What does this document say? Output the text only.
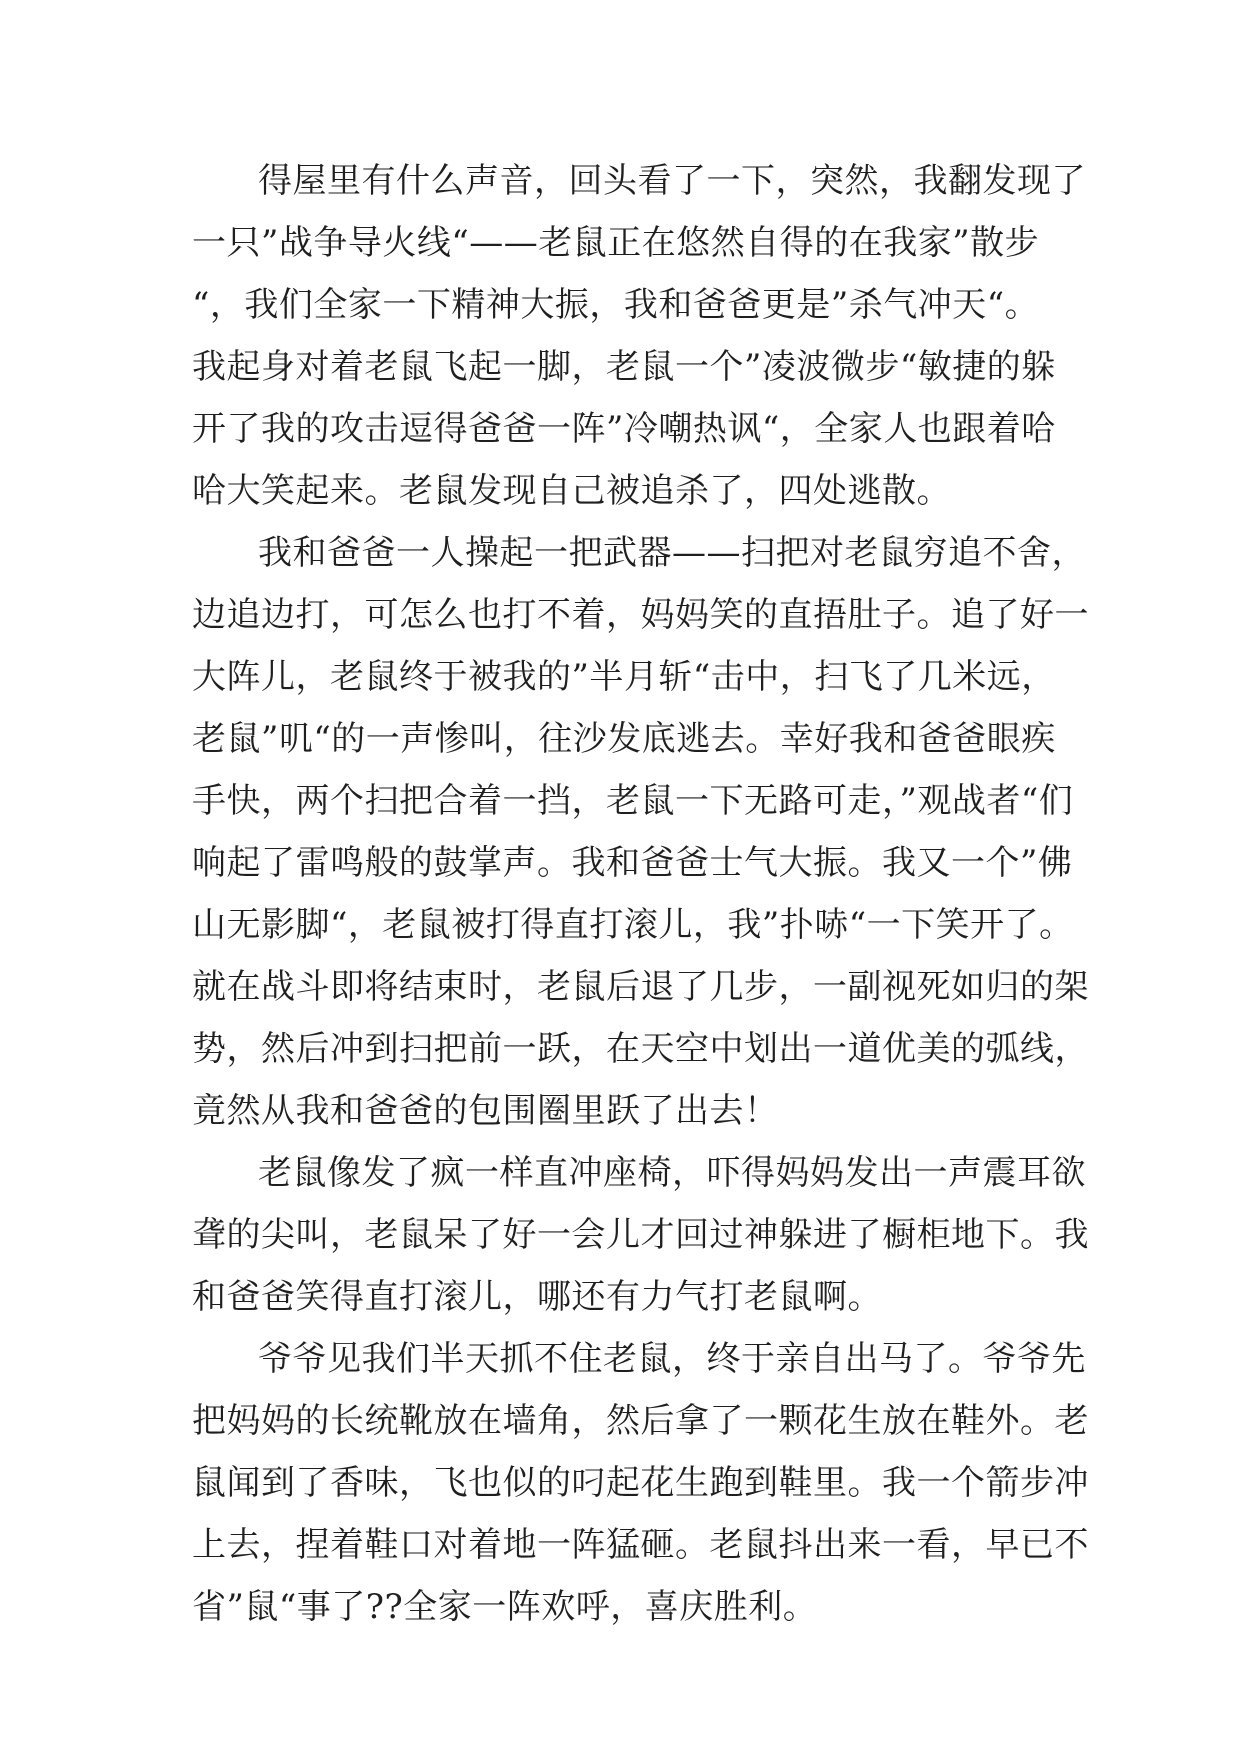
得屋里有什么声音，回头看了一下，突然，我翻发现了
一只”战争导火线“——老鼠正在悠然自得的在我家”散步
“，我们全家一下精神大振，我和爸爸更是”杀气冲天“。
我起身对着老鼠飞起一脚，老鼠一个”凌波微步“敏捷的躲
开了我的攻击逗得爸爸一阵”冷嘲热讽“，全家人也跟着哈
哈大笑起来。老鼠发现自己被追杀了，四处逃散。
我和爸爸一人操起一把武器——扫把对老鼠穷追不舍，
边追边打，可怎么也打不着，妈妈笑的直捂肚子。追了好一
大阵儿，老鼠终于被我的”半月斩“击中，扫飞了几米远，
老鼠”叽“的一声惨叫，往沙发底逃去。幸好我和爸爸眼疾
手快，两个扫把合着一挡，老鼠一下无路可走，”观战者“们
响起了雷鸣般的鼓掌声。我和爸爸士气大振。我又一个”佛
山无影脚“，老鼠被打得直打滚儿，我”扑哧“一下笑开了。
就在战斗即将结束时，老鼠后退了几步，一副视死如归的架
势，然后冲到扫把前一跃，在天空中划出一道优美的弧线，
竟然从我和爸爸的包围圈里跃了出去！
老鼠像发了疯一样直冲座椅，吓得妈妈发出一声震耳欲
聋的尖叫，老鼠呆了好一会儿才回过神躲进了橱柜地下。我
和爸爸笑得直打滚儿，哪还有力气打老鼠啊。
爷爷见我们半天抓不住老鼠，终于亲自出马了。爷爷先
把妈妈的长统靴放在墙角，然后拿了一颗花生放在鞋外。老
鼠闻到了香味，飞也似的叼起花生跑到鞋里。我一个箭步冲
上去，捏着鞋口对着地一阵猛砸。老鼠抖出来一看，早已不
省”鼠“事了??全家一阵欢呼，喜庆胜利。
